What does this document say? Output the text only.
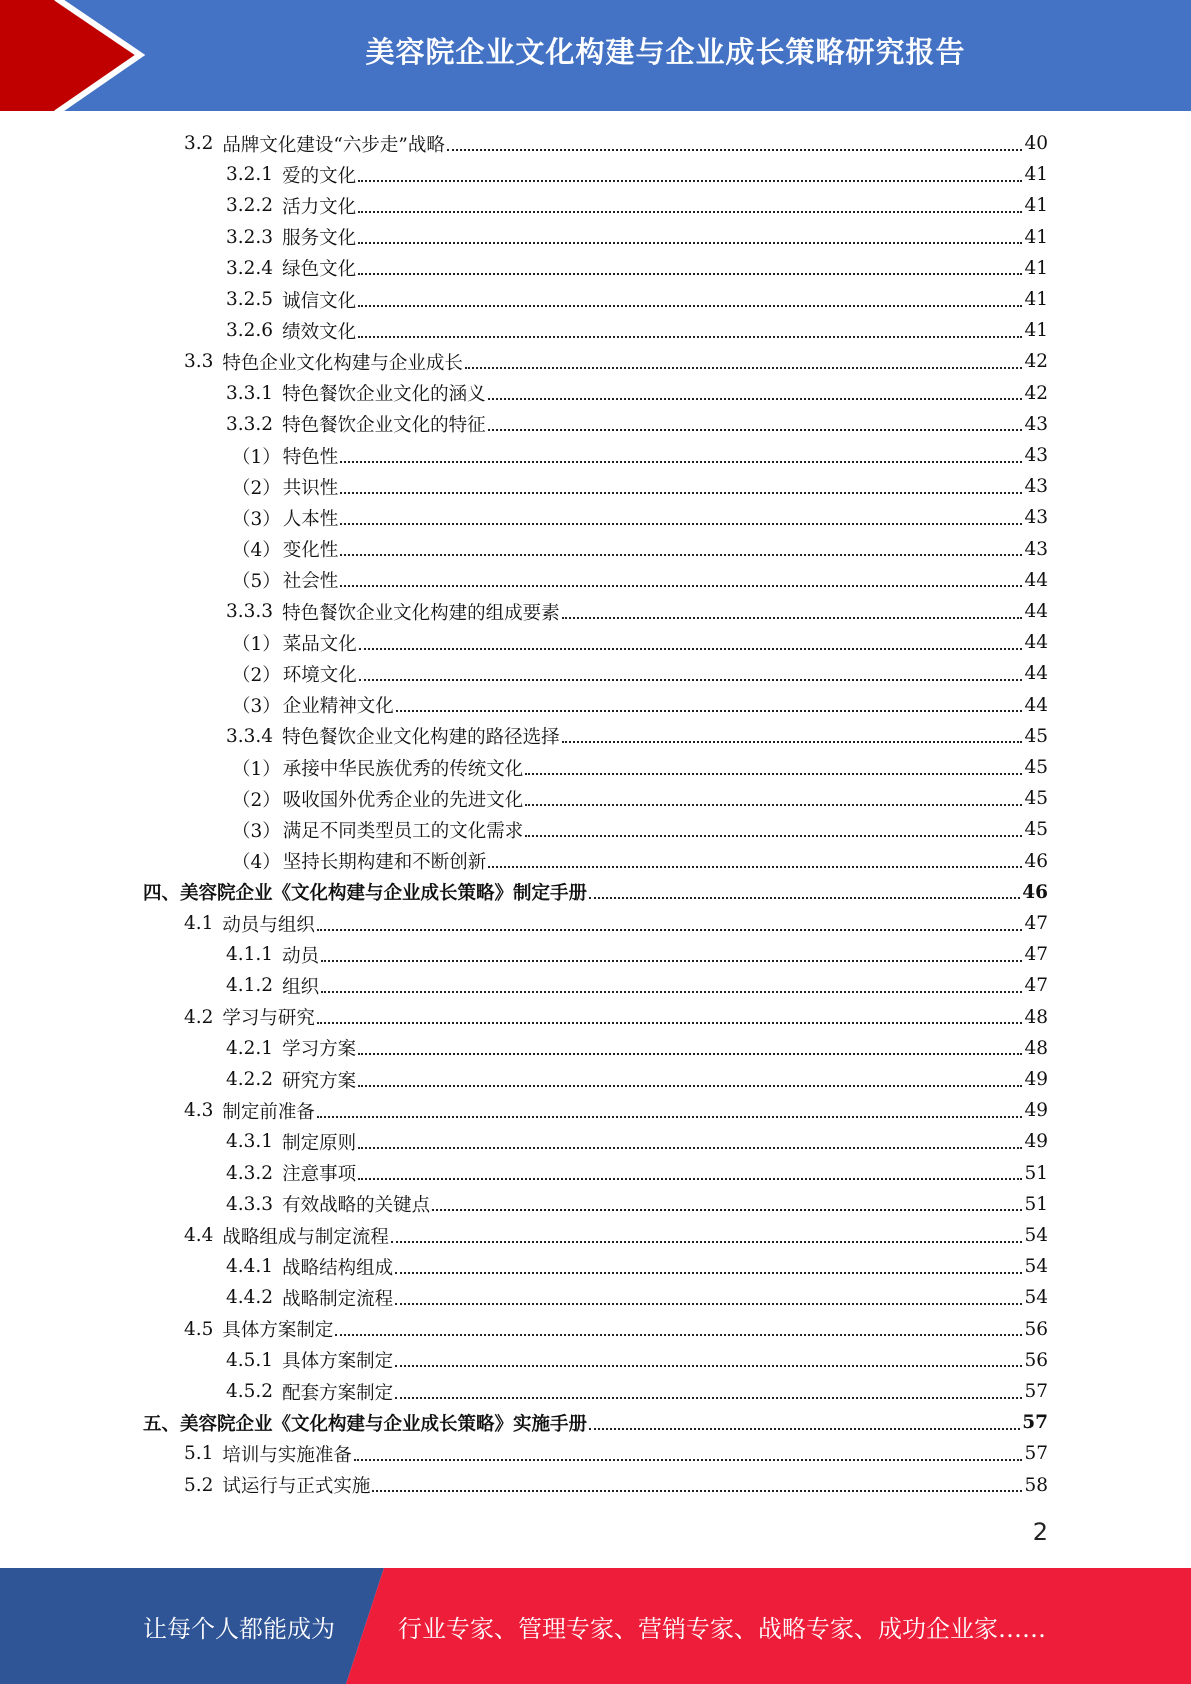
美容院企业文化构建与企业成长策略研究报告
3.2 品牌文化建设“六步走”战略	40
3.2.1 爱的文化	41
3.2.2 活力文化	41
3.2.3 服务文化	41
3.2.4 绿色文化	41
3.2.5 诚信文化	41
3.2.6 绩效文化	41
3.3 特色企业文化构建与企业成长	42
3.3.1 特色餐饮企业文化的涵义	42
3.3.2 特色餐饮企业文化的特征	43
（1） 特色性	43
（2） 共识性	43
（3） 人本性	43
（4） 变化性	43
（5） 社会性	44
3.3.3 特色餐饮企业文化构建的组成要素	44
（1） 菜品文化	44
（2） 环境文化	44
（3） 企业精神文化	44
3.3.4 特色餐饮企业文化构建的路径选择	45
（1） 承接中华民族优秀的传统文化	45
（2） 吸收国外优秀企业的先进文化	45
（3） 满足不同类型员工的文化需求	45
（4） 坚持长期构建和不断创新	46
四、 美容院企业《文化构建与企业成长策略》制定手册	46
4.1 动员与组织	47
4.1.1 动员	47
4.1.2 组织	47
4.2 学习与研究	48
4.2.1 学习方案	48
4.2.2 研究方案	49
4.3 制定前准备	49
4.3.1 制定原则	49
4.3.2 注意事项	51
4.3.3 有效战略的关键点	51
4.4 战略组成与制定流程	54
4.4.1 战略结构组成	54
4.4.2 战略制定流程	54
4.5 具体方案制定	56
4.5.1 具体方案制定	56
4.5.2 配套方案制定	57
五、 美容院企业《文化构建与企业成长策略》实施手册	57
5.1 培训与实施准备	57
5.2 试运行与正式实施	58
2
让每个人都能成为	行业专家、管理专家、营销专家、战略专家、成功企业家……
